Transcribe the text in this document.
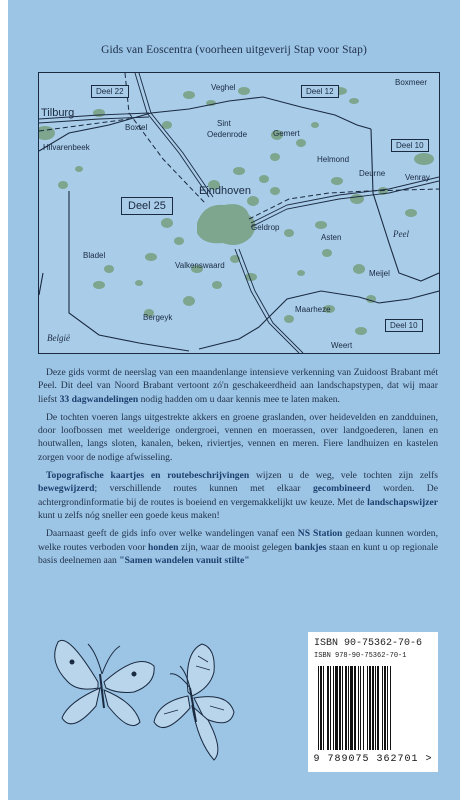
Gids van Eoscentra (voorheen uitgeverij Stap voor Stap)
Veghel
Boxmeer
Tilburg
Boxtel	Sint
Oedenrode	Gemert
Hilvarenbeek
Venray
Helmond
Deurne
Eindhoven
Geldrop
Asten	Peel
Bladel
Valkenswaard
Meijel
Bergeyk
Maarheze
België
Weert
Deel 22	Deel 12
Deel 10
Deel 25
Deel 10

Deze gids vormt de neerslag van een maandenlange intensieve verkenning van Zuidoost Brabant mét Peel. Dit deel van Noord Brabant vertoont zó'n geschakeerdheid aan landschapstypen, dat wij maar liefst 33 dagwandelingen nodig hadden om u daar kennis mee te laten maken.

De tochten voeren langs uitgestrekte akkers en groene graslanden, over heidevelden en zandduinen, door loofbossen met weelderige ondergroei, vennen en moerassen, over landgoederen, lanen en houtwallen, langs sloten, kanalen, beken, riviertjes, vennen en meren. Fiere landhuizen en kastelen zorgen voor de nodige afwisseling.

Topografische kaartjes en routebeschrijvingen wijzen u de weg, vele tochten zijn zelfs bewegwijzerd; verschillende routes kunnen met elkaar gecombineerd worden. De achtergrondinformatie bij de routes is boeiend en vergemakkelijkt uw keuze. Met de landschapswijzer kunt u zelfs nóg sneller een goede keus maken!

Daarnaast geeft de gids info over welke wandelingen vanaf een NS Station gedaan kunnen worden, welke routes verboden voor honden zijn, waar de mooist gelegen bankjes staan en kunt u op regionale basis deelnemen aan "Samen wandelen vanuit stilte"

ISBN 90-75362-70-6
ISBN 978-90-75362-70-1
9 789075 362701 >
